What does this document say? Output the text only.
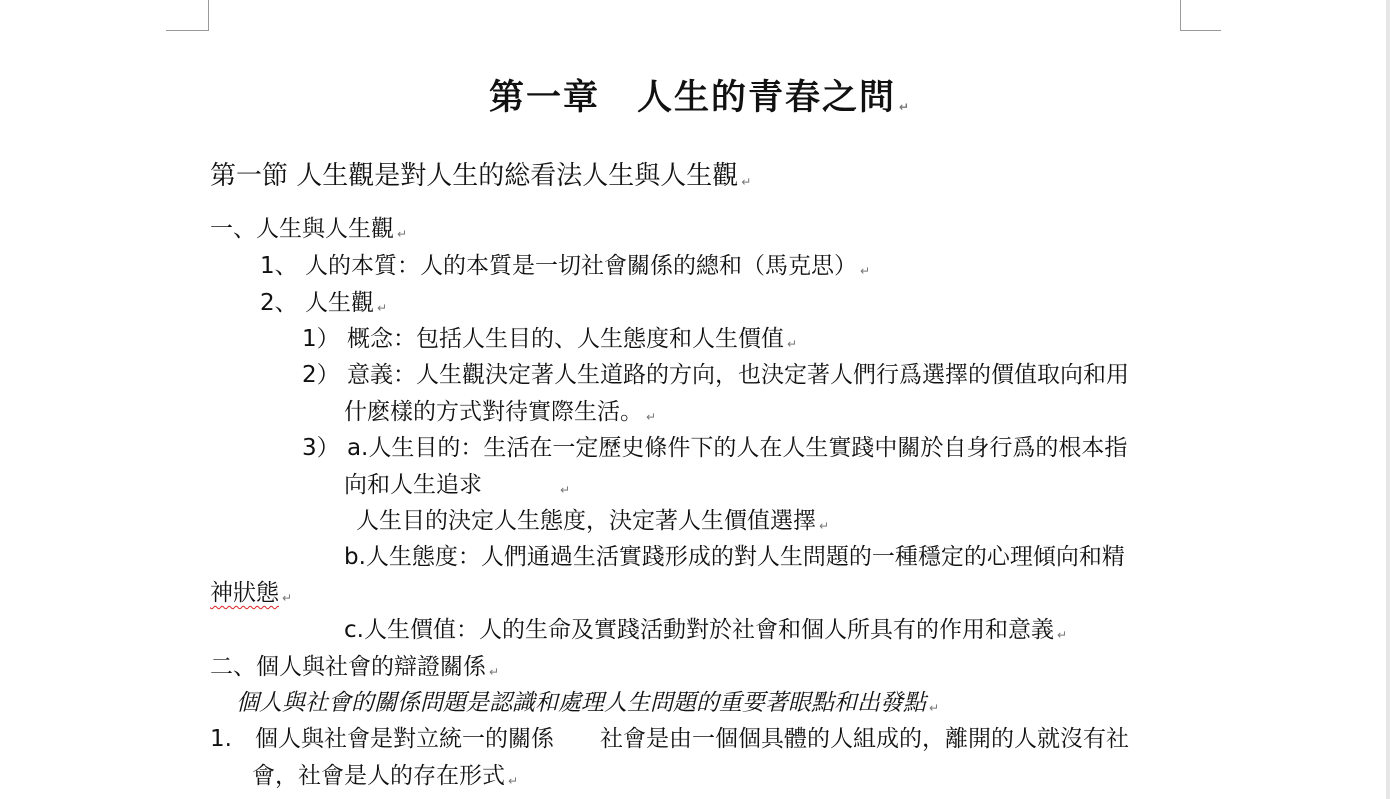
第一章　人生的青春之問 ↵
第一節 人生觀是對人生的総看法人生與人生觀 ↵
一、人生與人生觀 ↵
1、 人的本質：人的本質是一切社會關係的總和（馬克思） ↵
2、 人生觀 ↵
1） 概念：包括人生目的、人生態度和人生價值 ↵
2） 意義：人生觀決定著人生道路的方向，也決定著人們行爲選擇的價值取向和用
什麽樣的方式對待實際生活。 ↵
3） a.人生目的：生活在一定歷史條件下的人在人生實踐中關於自身行爲的根本指
向和人生追求	↵
人生目的決定人生態度，決定著人生價值選擇 ↵
b.人生態度：人們通過生活實踐形成的對人生問題的一種穩定的心理傾向和精
神狀態 ↵
c.人生價值：人的生命及實踐活動對於社會和個人所具有的作用和意義 ↵
二、個人與社會的辯證關係 ↵
個人與社會的關係問題是認識和處理人生問題的重要著眼點和出發點 ↵
1.　個人與社會是對立統一的關係　　社會是由一個個具體的人組成的，離開的人就沒有社
會，社會是人的存在形式 ↵
